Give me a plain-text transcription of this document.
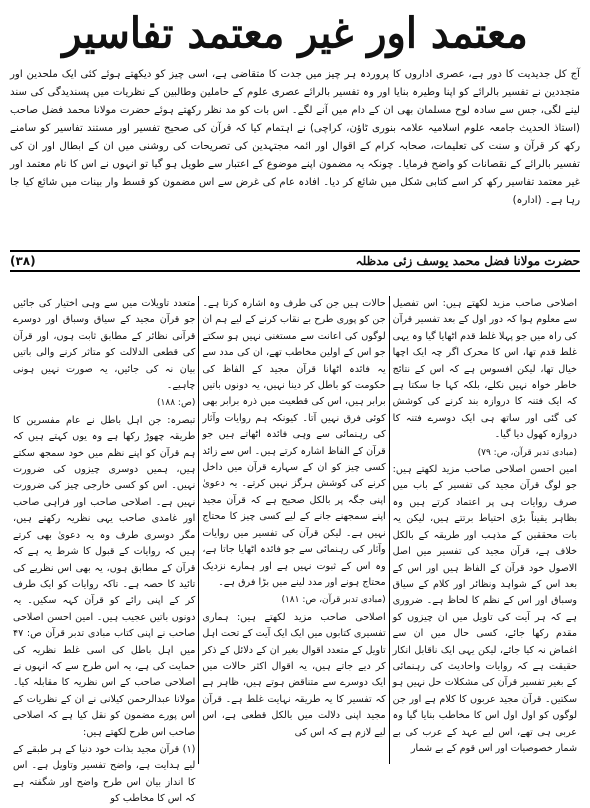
معتمد اور غیر معتمد تفاسیر

آج کل جدیدیت کا دور ہے، عصری اداروں کا پروردہ ہر چیز میں جدت کا متقاضی ہے، اسی چیز کو دیکھتے ہوئے کئی ایک ملحدین اور متجددین نے تفسیر بالرائے کو اپنا وطیرہ بنایا اور وہ تفسیر بالرائے عصری علوم کے حاملین وطالبین کے نظریات میں پسندیدگی کی سند لینے لگی، جس سے سادہ لوح مسلمان بھی ان کے دام میں آنے لگے۔ اس بات کو مد نظر رکھتے ہوئے حضرت مولانا محمد فضل صاحب (استاذ الحدیث جامعہ علوم اسلامیہ علامہ بنوری ٹاؤن، کراچی) نے اہتمام کیا کہ قرآن کی صحیح تفسیر اور مستند تفاسیر کو سامنے رکھ کر قرآن و سنت کی تعلیمات، صحابہ کرام کے اقوال اور ائمہ مجتہدین کی تصریحات کی روشنی میں ان کے ابطال اور ان کی تفسیر بالرائے کے نقصانات کو واضح فرمایا۔ چونکہ یہ مضمون اپنے موضوع کے اعتبار سے طویل ہو گیا تو انہوں نے اس کا نام معتمد اور غیر معتمد تفاسیر رکھ کر اسے کتابی شکل میں شائع کر دیا۔ افادہ عام کی غرض سے اس مضمون کو قسط وار بینات میں شائع کیا جا رہا ہے۔ (ادارہ)

حضرت مولانا فضل محمد یوسف زئی مدظلہ
(۳۸)

اصلاحی صاحب مزید لکھتے ہیں: اس تفصیل سے معلوم ہوا کہ دور اول کے بعد تفسیر قرآن کی راہ میں جو پہلا غلط قدم اٹھایا گیا وہ یہی غلط قدم تھا، اس کا محرک اگر چہ ایک اچھا خیال تھا، لیکن افسوس ہے کہ اس کے نتائج خاطر خواہ نہیں نکلے، بلکہ کہا جا سکتا ہے کہ ایک فتنہ کا دروازہ بند کرنے کی کوشش کی گئی اور ساتھ ہی ایک دوسرے فتنہ کا دروازہ کھول دیا گیا۔

(مبادی تدبر قرآن، ص: ۷۹)

امین احسن اصلاحی صاحب مزید لکھتے ہیں: جو لوگ قرآن مجید کی تفسیر کے باب میں صرف روایات ہی پر اعتماد کرتے ہیں وہ بظاہر یقیناً بڑی احتیاط برتتے ہیں، لیکن یہ بات محققین کے مذہب اور طریقہ کے بالکل خلاف ہے، قرآن مجید کی تفسیر میں اصل الاصول خود قرآن کے الفاظ ہیں اور اس کے بعد اس کے شواہد ونظائر اور کلام کے سیاق وسباق اور اس کے نظم کا لحاظ ہے۔ ضروری ہے کہ ہر آیت کی تاویل میں ان چیزوں کو مقدم رکھا جائے، کسی حال میں ان سے اغماض نہ کیا جائے، لیکن یہی ایک ناقابل انکار حقیقت ہے کہ روایات واحادیث کی رہنمائی کے بغیر تفسیر قرآن کی مشکلات حل نہیں ہو سکتیں۔ قرآن مجید عربوں کا کلام ہے اور جن لوگوں کو اول اول اس کا مخاطب بنایا گیا وہ عربی ہی تھے، اس لیے عہد کے عرب کی بے شمار خصوصیات اور اس قوم کے بے شمار

حالات ہیں جن کی طرف وہ اشارہ کرتا ہے۔ جن کو پوری طرح بے نقاب کرنے کے لیے ہم ان لوگوں کی اعانت سے مستغنی نہیں ہو سکتے جو اس کے اولین مخاطب تھے، ان کی مدد سے یہ فائدہ اٹھانا قرآن مجید کے الفاظ کی حکومت کو باطل کر دینا نہیں، یہ دونوں باتیں برابر ہیں، اس کی قطعیت میں ذرہ برابر بھی کوئی فرق نہیں آتا۔ کیونکہ ہم روایات وآثار کی رہنمائی سے وہی فائدہ اٹھاتے ہیں جو قرآن کے الفاظ اشارہ کرتے ہیں۔ اس سے زائد کسی چیز کو ان کے سہارے قرآن میں داخل کرنے کی کوشش ہرگز نہیں کرتے۔ یہ دعویٰ اپنی جگہ پر بالکل صحیح ہے کہ قرآن مجید اپنے سمجھنے جانے کے لیے کسی چیز کا محتاج نہیں ہے۔ لیکن قرآن کی تفسیر میں روایات وآثار کی رہنمائی سے جو فائدہ اٹھایا جاتا ہے، وہ اس کے ثبوت نہیں ہے اور ہمارے نزدیک محتاج ہونے اور مدد لینے میں بڑا فرق ہے۔

(مبادی تدبر قرآن، ص: ۱۸۱)

اصلاحی صاحب مزید لکھتے ہیں: ہماری تفسیری کتابوں میں ایک ایک آیت کے تحت اہل تاویل کے متعدد اقوال بغیر ان کے دلائل کے ذکر کر دیے جاتے ہیں، یہ اقوال اکثر حالات میں ایک دوسرے سے متناقض ہوتے ہیں، ظاہر ہے کہ تفسیر کا یہ طریقہ نہایت غلط ہے۔ قرآن مجید اپنی دلالت میں بالکل قطعی ہے، اس لیے لازم ہے کہ اس کی

متعدد تاویلات میں سے وہی اختیار کی جائیں جو قرآن مجید کے سیاق وسباق اور دوسرے قرآنی نظائر کے مطابق ثابت ہوں، اور قرآن کی قطعی الدلالت کو متاثر کرنے والی باتیں بیان نہ کی جائیں، یہ صورت نہیں ہونی چاہیے۔

(ص: ۱۸۸)

تبصرہ: جن اہل باطل نے عام مفسرین کا طریقہ چھوڑ رکھا ہے وہ یوں کہتے ہیں کہ ہم قرآن کو اپنے نظم میں خود سمجھ سکتے ہیں، ہمیں دوسری چیزوں کی ضرورت نہیں۔ اس کو کسی خارجی چیز کی ضرورت نہیں ہے۔ اصلاحی صاحب اور فراہی صاحب اور غامدی صاحب یہی نظریہ رکھتے ہیں، مگر دوسری طرف وہ یہ دعویٰ بھی کرتے ہیں کہ روایات کے قبول کا شرط یہ ہے کہ قرآن کے مطابق ہوں، یہ بھی اس نظریے کی تائید کا حصہ ہے۔ تاکہ روایات کو ایک طرف کر کے اپنی رائے کو قرآن کہہ سکیں۔ یہ دونوں باتیں عجیب ہیں۔ امین احسن اصلاحی صاحب نے اپنی کتاب مبادی تدبر قرآن ص: ۴۷ میں اہل باطل کی اسی غلط نظریہ کی حمایت کی ہے، یہ اس طرح سے کہ انہوں نے اصلاحی صاحب کے اس نظریہ کا مقابلہ کیا۔ مولانا عبدالرحمن کیلانی نے ان کے نظریات کے اس پورے مضمون کو نقل کیا ہے کہ اصلاحی صاحب اس طرح لکھتے ہیں:

(۱) قرآن مجید بذات خود دنیا کے ہر طبقے کے لیے ہدایت ہے، واضح تفسیر وتاویل ہے۔ اس کا انداز بیان اس طرح واضح اور شگفتہ ہے کہ اس کا مخاطب کو
